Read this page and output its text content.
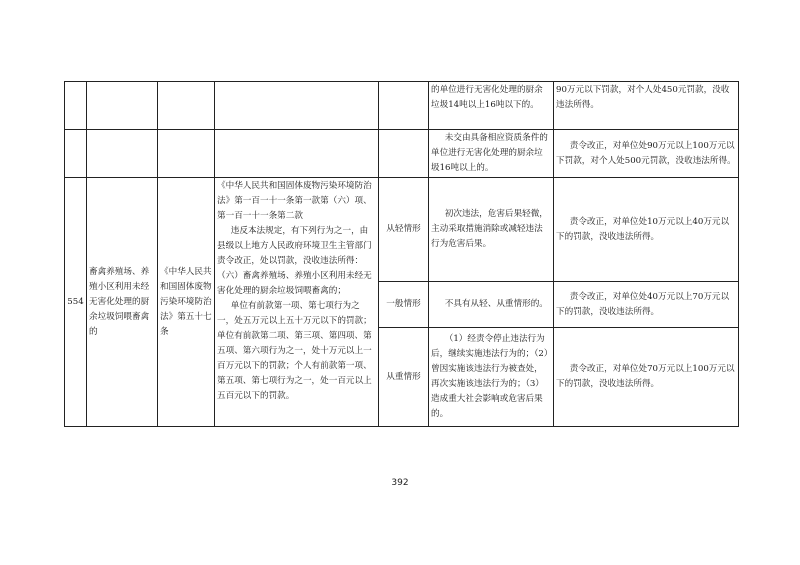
					的单位进行无害化处理的厨余垃圾14吨以上16吨以下的。	90万元以下罚款，对个人处450元罚款，没收违法所得。
					未交由具备相应资质条件的单位进行无害化处理的厨余垃圾16吨以上的。	责令改正，对单位处90万元以上100万元以下罚款，对个人处500元罚款，没收违法所得。
554	畜禽养殖场、养殖小区利用未经无害化处理的厨余垃圾饲喂畜禽的	《中华人民共和国固体废物污染环境防治法》第五十七条	《中华人民共和国固体废物污染环境防治法》第一百一十一条第一款第（六）项、第一百一十一条第二款

违反本法规定，有下列行为之一，由县级以上地方人民政府环境卫生主管部门责令改正，处以罚款，没收违法所得：（六）畜禽养殖场、养殖小区利用未经无害化处理的厨余垃圾饲喂畜禽的；

单位有前款第一项、第七项行为之一，处五万元以上五十万元以下的罚款；单位有前款第二项、第三项、第四项、第五项、第六项行为之一，处十万元以上一百万元以下的罚款；个人有前款第一项、第五项、第七项行为之一，处一百元以上五百元以下的罚款。	从轻情形	初次违法，危害后果轻微，主动采取措施消除或减轻违法行为危害后果。	责令改正，对单位处10万元以上40万元以下的罚款，没收违法所得。
				一般情形	不具有从轻、从重情形的。	责令改正，对单位处40万元以上70万元以下的罚款，没收违法所得。
				从重情形	（1）经责令停止违法行为后，继续实施违法行为的；（2）曾因实施该违法行为被查处，再次实施该违法行为的；（3）造成重大社会影响或危害后果的。	责令改正，对单位处70万元以上100万元以下的罚款，没收违法所得。
392
